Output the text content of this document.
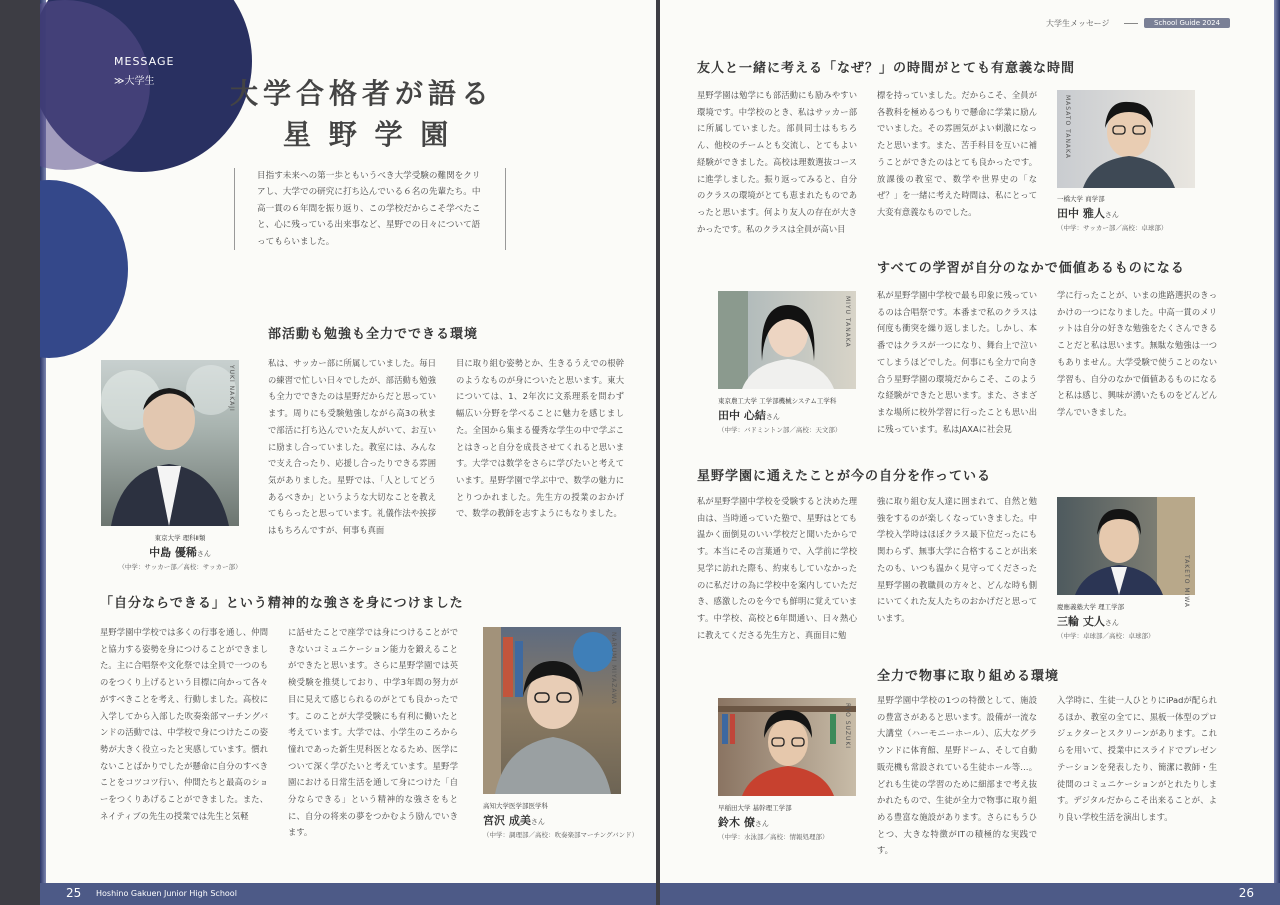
MESSAGE
≫大学生	大学合格者が語る
星 野 学 園
目指す未来への第一歩ともいうべき大学受験の難関をクリアし、大学での研究に打ち込んでいる６名の先輩たち。中高一貫の６年間を振り返り、この学校だからこそ学べたこと、心に残っている出来事など、星野での日々について語ってもらいました。
部活動も勉強も全力でできる環境
YUKI NAKAJI
私は、サッカー部に所属していました。毎日の練習で忙しい日々でしたが、部活動も勉強も全力でできたのは星野だからだと思っています。周りにも受験勉強しながら高3の秋まで部活に打ち込んでいた友人がいて、お互いに励まし合っていました。教室には、みんなで支え合ったり、応援し合ったりできる雰囲気がありました。星野では、「人としてどうあるべきか」というような大切なことを教えてもらったと思っています。礼儀作法や挨拶はもちろんですが、何事も真面
目に取り組む姿勢とか、生きるうえでの根幹のようなものが身についたと思います。東大については、1、2年次に文系理系を問わず幅広い分野を学べることに魅力を感じました。全国から集まる優秀な学生の中で学ぶことはきっと自分を成長させてくれると思います。大学では数学をさらに学びたいと考えています。星野学園で学ぶ中で、数学の魅力にとりつかれました。先生方の授業のおかげで、数学の教師を志すようにもなりました。
東京大学 理科Ⅱ類
中島 優稀さん
（中学：サッカー部／高校：サッカー部）
「自分ならできる」という精神的な強さを身につけました
星野学園中学校では多くの行事を通し、仲間と協力する姿勢を身につけることができました。主に合唱祭や文化祭では全員で一つのものをつくり上げるという目標に向かって各々がすべきことを考え、行動しました。高校に入学してから入部した吹奏楽部マーチングバンドの活動では、中学校で身につけたこの姿勢が大きく役立ったと実感しています。慣れないことばかりでしたが懸命に自分のすべきことをコツコツ行い、仲間たちと最高のショーをつくりあげることができました。また、ネイティブの先生の授業では先生と気軽
に話せたことで座学では身につけることができないコミュニケーション能力を鍛えることができたと思います。さらに星野学園では英検受験を推奨しており、中学3年間の努力が目に見えて感じられるのがとても良かったです。このことが大学受験にも有利に働いたと考えています。大学では、小学生のころから憧れであった新生児科医となるため、医学について深く学びたいと考えています。星野学園における日常生活を通して身につけた「自分ならできる」という精神的な強さをもとに、自分の将来の夢をつかむよう励んでいきます。
NARUMI MIYAZAWA
高知大学医学部医学科
宮沢 成美さん
（中学：調理部／高校：吹奏楽部マーチングバンド）
25 Hoshino Gakuen Junior High School
大学生メッセージ	School Guide 2024
友人と一緒に考える「なぜ？」の時間がとても有意義な時間
星野学園は勉学にも部活動にも励みやすい環境です。中学校のとき、私はサッカー部に所属していました。部員同士はもちろん、他校のチームとも交流し、とてもよい経験ができました。高校は理数選抜コースに進学しました。振り返ってみると、自分のクラスの環境がとても恵まれたものであったと思います。何より友人の存在が大きかったです。私のクラスは全員が高い目
標を持っていました。だからこそ、全員が各教科を極めるつもりで懸命に学業に励んでいました。その雰囲気がよい刺激になったと思います。また、苦手科目を互いに補うことができたのはとても良かったです。放課後の教室で、数学や世界史の「なぜ？」を一緒に考えた時間は、私にとって大変有意義なものでした。
MASATO TANAKA
一橋大学 商学部
田中 雅人さん
（中学：サッカー部／高校：卓球部）
すべての学習が自分のなかで価値あるものになる
MIYU TANAKA
東京農工大学 工学部機械システム工学科
田中 心結さん
（中学：バドミントン部／高校：天文部）
私が星野学園中学校で最も印象に残っているのは合唱祭です。本番まで私のクラスは何度も衝突を繰り返しました。しかし、本番ではクラスが一つになり、舞台上で泣いてしまうほどでした。何事にも全力で向き合う星野学園の環境だからこそ、このような経験ができたと思います。また、さまざまな場所に校外学習に行ったことも思い出に残っています。私はJAXAに社会見
学に行ったことが、いまの進路選択のきっかけの一つになりました。中高一貫のメリットは自分の好きな勉強をたくさんできることだと私は思います。無駄な勉強は一つもありません。大学受験で使うことのない学習も、自分のなかで価値あるものになると私は感じ、興味が湧いたものをどんどん学んでいきました。
星野学園に通えたことが今の自分を作っている
私が星野学園中学校を受験すると決めた理由は、当時通っていた塾で、星野はとても温かく面倒見のいい学校だと聞いたからです。本当にその言葉通りで、入学前に学校見学に訪れた際も、約束もしていなかったのに私だけの為に学校中を案内していただき、感激したのを今でも鮮明に覚えています。中学校、高校と6年間通い、日々熱心に教えてくださる先生方と、真面目に勉
強に取り組む友人達に囲まれて、自然と勉強をするのが楽しくなっていきました。中学校入学時はほぼクラス最下位だったにも関わらず、無事大学に合格することが出来たのも、いつも温かく見守ってくださった星野学園の教職員の方々と、どんな時も側にいてくれた友人たちのおかげだと思っています。
TAKETO MIWA
慶應義塾大学 理工学部
三輪 丈人さん
（中学：卓球部／高校：卓球部）
全力で物事に取り組める環境
RYO SUZUKI
早稲田大学 基幹理工学部
鈴木 僚さん
（中学：水泳部／高校：情報処理部）
星野学園中学校の1つの特徴として、施設の豊富さがあると思います。設備が一流な大講堂（ハーモニーホール）、広大なグラウンドに体育館、星野ドーム、そして自動販売機も常設されている生徒ホール等…。どれも生徒の学習のために細部まで考え抜かれたもので、生徒が全力で物事に取り組める豊富な施設があります。さらにもうひとつ、大きな特徴がITの積極的な実践です。
入学時に、生徒一人ひとりにiPadが配られるほか、教室の全てに、黒板一体型のプロジェクターとスクリーンがあります。これらを用いて、授業中にスライドでプレゼンテーションを発表したり、簡潔に教師・生徒間のコミュニケーションがとれたりします。デジタルだからこそ出来ることが、より良い学校生活を演出します。
26
